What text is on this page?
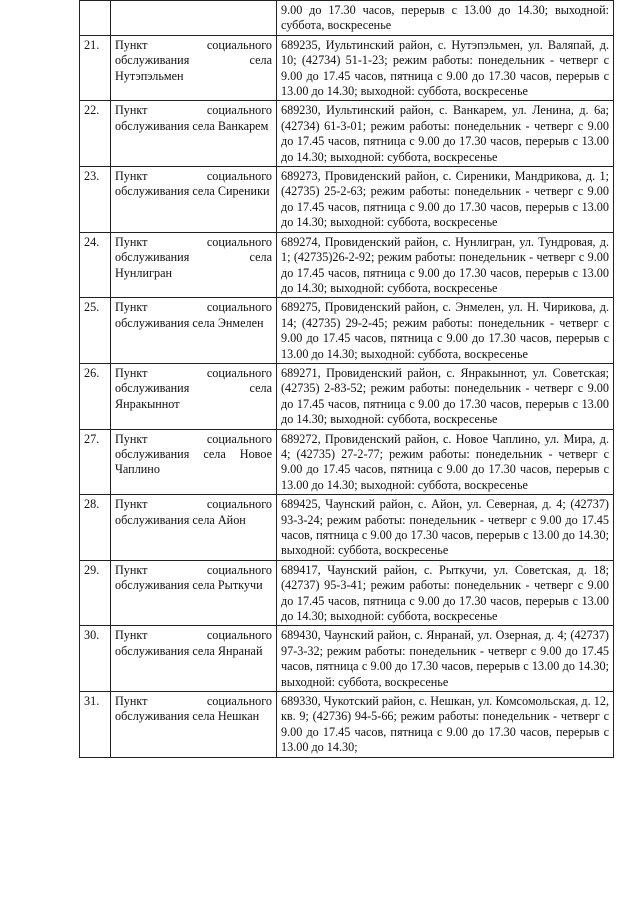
		9.00 до 17.30 часов, перерыв с 13.00 до 14.30; выходной: суббота, воскресенье
21.	Пункт социального обслуживания села Нутэпэльмен	689235, Иультинский район, с. Нутэпэльмен, ул. Валяпай, д. 10; (42734) 51-1-23; режим работы: понедельник - четверг с 9.00 до 17.45 часов, пятница с 9.00 до 17.30 часов, перерыв с 13.00 до 14.30; выходной: суббота, воскресенье
22.	Пункт социального обслуживания села Ванкарем	689230, Иультинский район, с. Ванкарем, ул. Ленина, д. 6а; (42734) 61-3-01; режим работы: понедельник - четверг с 9.00 до 17.45 часов, пятница с 9.00 до 17.30 часов, перерыв с 13.00 до 14.30; выходной: суббота, воскресенье
23.	Пункт социального обслуживания села Сиреники	689273, Провиденский район, с. Сиреники, Мандрикова, д. 1; (42735) 25-2-63; режим работы: понедельник - четверг с 9.00 до 17.45 часов, пятница с 9.00 до 17.30 часов, перерыв с 13.00 до 14.30; выходной: суббота, воскресенье
24.	Пункт социального обслуживания села Нунлигран	689274, Провиденский район, с. Нунлигран, ул. Тундровая, д. 1; (42735)26-2-92; режим работы: понедельник - четверг с 9.00 до 17.45 часов, пятница с 9.00 до 17.30 часов, перерыв с 13.00 до 14.30; выходной: суббота, воскресенье
25.	Пункт социального обслуживания села Энмелен	689275, Провиденский район, с. Энмелен, ул. Н. Чирикова, д. 14; (42735) 29-2-45; режим работы: понедельник - четверг с 9.00 до 17.45 часов, пятница с 9.00 до 17.30 часов, перерыв с 13.00 до 14.30; выходной: суббота, воскресенье
26.	Пункт социального обслуживания села Янракыннот	689271, Провиденский район, с. Янракыннот, ул. Советская; (42735) 2-83-52; режим работы: понедельник - четверг с 9.00 до 17.45 часов, пятница с 9.00 до 17.30 часов, перерыв с 13.00 до 14.30; выходной: суббота, воскресенье
27.	Пункт социального обслуживания села Новое Чаплино	689272, Провиденский район, с. Новое Чаплино, ул. Мира, д. 4; (42735) 27-2-77; режим работы: понедельник - четверг с 9.00 до 17.45 часов, пятница с 9.00 до 17.30 часов, перерыв с 13.00 до 14.30; выходной: суббота, воскресенье
28.	Пункт социального обслуживания села Айон	689425, Чаунский район, с. Айон, ул. Северная, д. 4; (42737) 93-3-24; режим работы: понедельник - четверг с 9.00 до 17.45 часов, пятница с 9.00 до 17.30 часов, перерыв с 13.00 до 14.30; выходной: суббота, воскресенье
29.	Пункт социального обслуживания села Рыткучи	689417, Чаунский район, с. Рыткучи, ул. Советская, д. 18; (42737) 95-3-41; режим работы: понедельник - четверг с 9.00 до 17.45 часов, пятница с 9.00 до 17.30 часов, перерыв с 13.00 до 14.30; выходной: суббота, воскресенье
30.	Пункт социального обслуживания села Янранай	689430, Чаунский район, с. Янранай, ул. Озерная, д. 4; (42737) 97-3-32; режим работы: понедельник - четверг с 9.00 до 17.45 часов, пятница с 9.00 до 17.30 часов, перерыв с 13.00 до 14.30; выходной: суббота, воскресенье
31.	Пункт социального обслуживания села Нешкан	689330, Чукотский район, с. Нешкан, ул. Комсомольская, д. 12, кв. 9; (42736) 94-5-66; режим работы: понедельник - четверг с 9.00 до 17.45 часов, пятница с 9.00 до 17.30 часов, перерыв с 13.00 до 14.30;
